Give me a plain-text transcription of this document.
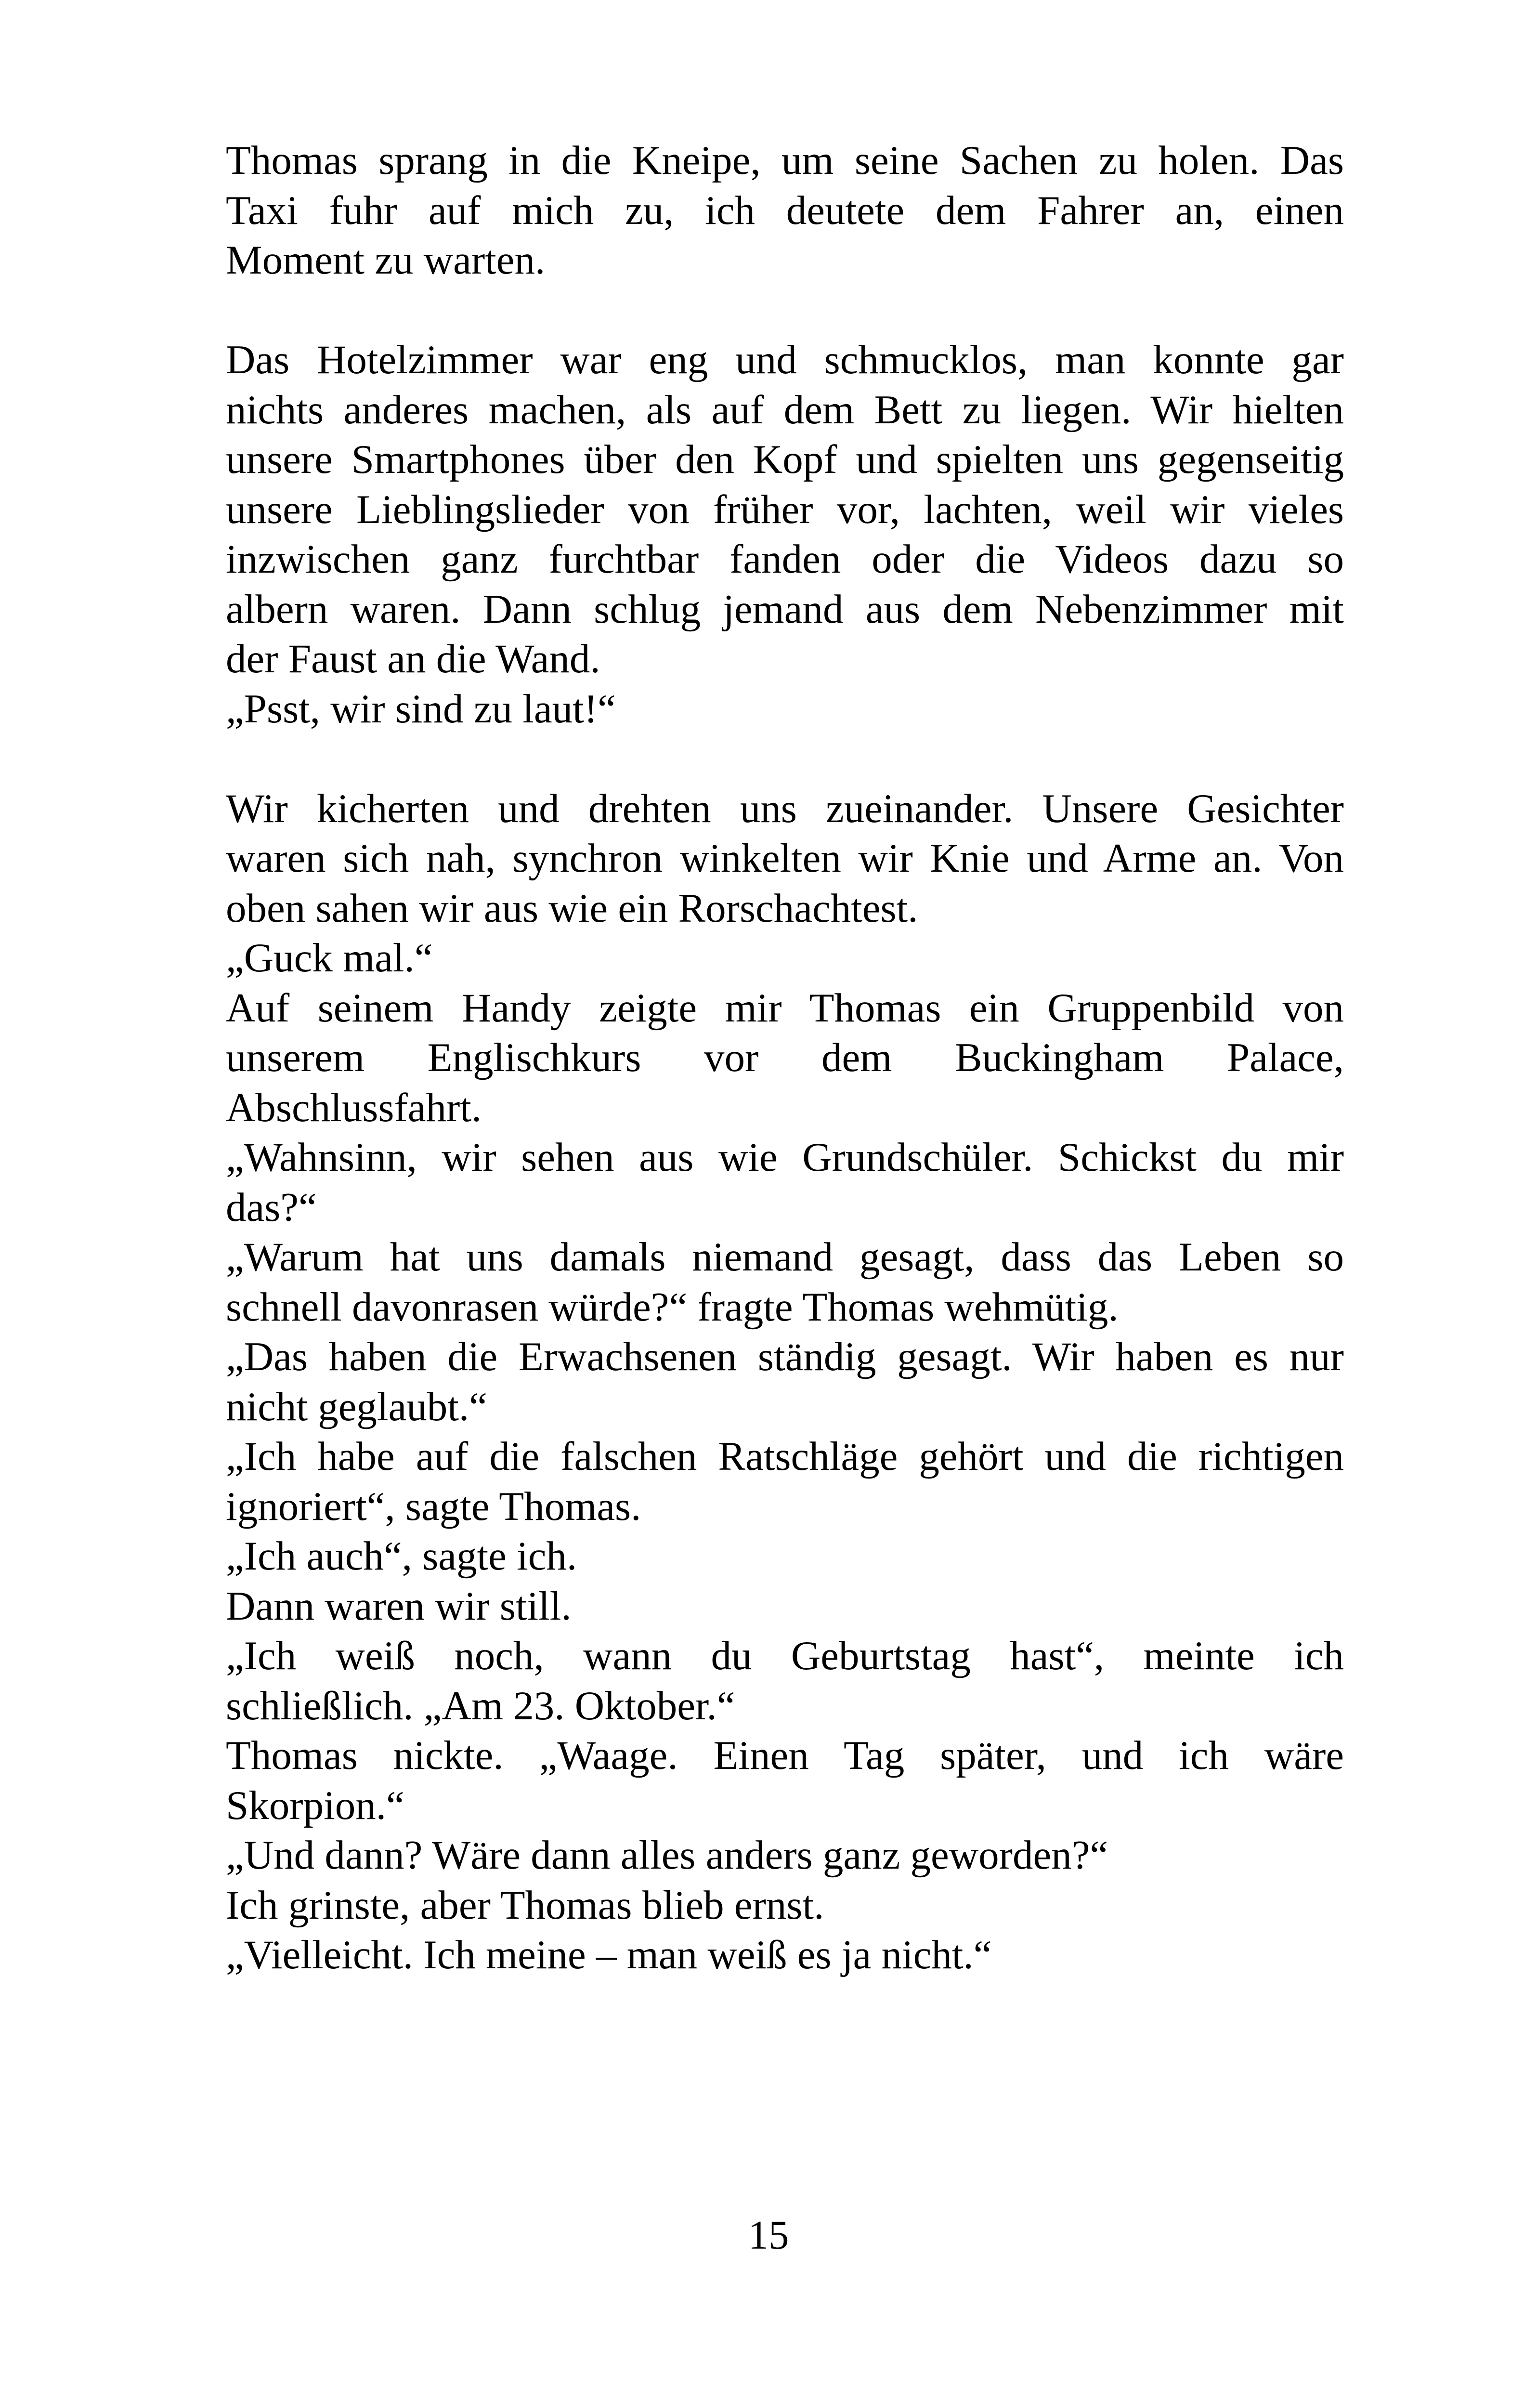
Thomas sprang in die Kneipe, um seine Sachen zu holen. Das
Taxi fuhr auf mich zu, ich deutete dem Fahrer an, einen
Moment zu warten.
Das Hotelzimmer war eng und schmucklos, man konnte gar
nichts anderes machen, als auf dem Bett zu liegen. Wir hielten
unsere Smartphones über den Kopf und spielten uns gegenseitig
unsere Lieblingslieder von früher vor, lachten, weil wir vieles
inzwischen ganz furchtbar fanden oder die Videos dazu so
albern waren. Dann schlug jemand aus dem Nebenzimmer mit
der Faust an die Wand.
„Psst, wir sind zu laut!“
Wir kicherten und drehten uns zueinander. Unsere Gesichter
waren sich nah, synchron winkelten wir Knie und Arme an. Von
oben sahen wir aus wie ein Rorschachtest.
„Guck mal.“
Auf seinem Handy zeigte mir Thomas ein Gruppenbild von
unserem Englischkurs vor dem Buckingham Palace,
Abschlussfahrt.
„Wahnsinn, wir sehen aus wie Grundschüler. Schickst du mir
das?“
„Warum hat uns damals niemand gesagt, dass das Leben so
schnell davonrasen würde?“ fragte Thomas wehmütig.
„Das haben die Erwachsenen ständig gesagt. Wir haben es nur
nicht geglaubt.“
„Ich habe auf die falschen Ratschläge gehört und die richtigen
ignoriert“, sagte Thomas.
„Ich auch“, sagte ich.
Dann waren wir still.
„Ich weiß noch, wann du Geburtstag hast“, meinte ich
schließlich. „Am 23. Oktober.“
Thomas nickte. „Waage. Einen Tag später, und ich wäre
Skorpion.“
„Und dann? Wäre dann alles anders ganz geworden?“
Ich grinste, aber Thomas blieb ernst.
„Vielleicht. Ich meine – man weiß es ja nicht.“
15
